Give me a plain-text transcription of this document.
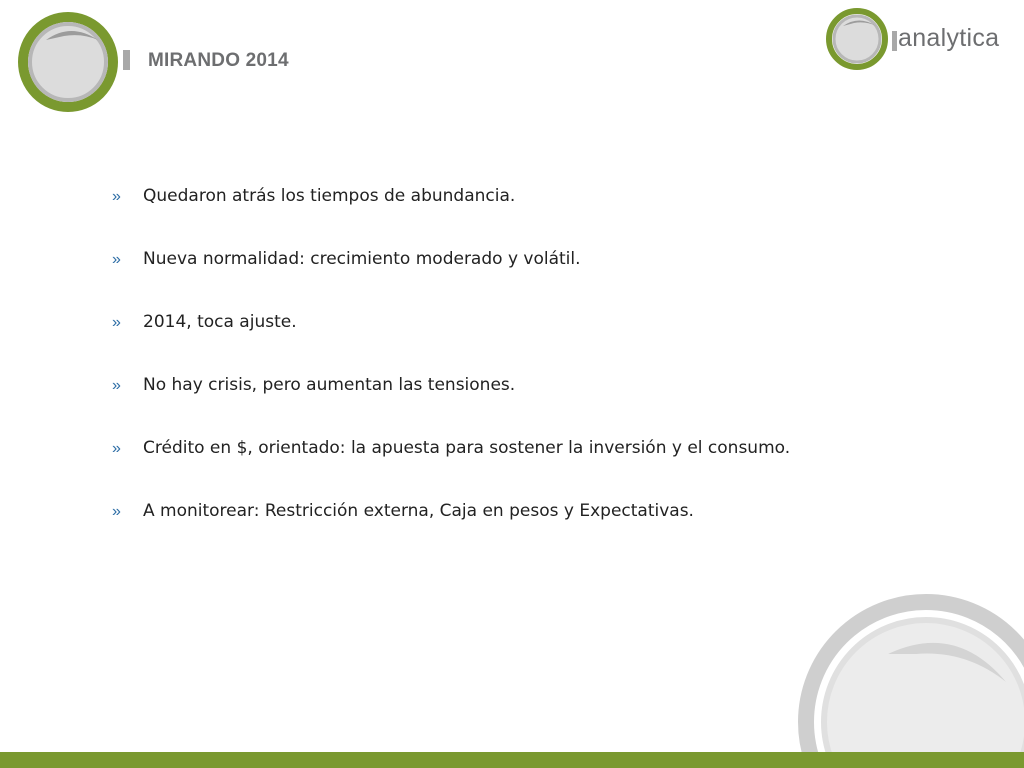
MIRANDO 2014
analytica
» Quedaron atrás los tiempos de abundancia.
» Nueva normalidad: crecimiento moderado y volátil.
» 2014, toca ajuste.
» No hay crisis, pero aumentan las tensiones.
» Crédito en $, orientado: la apuesta para sostener la inversión y el consumo.
» A monitorear: Restricción externa, Caja en pesos y Expectativas.
